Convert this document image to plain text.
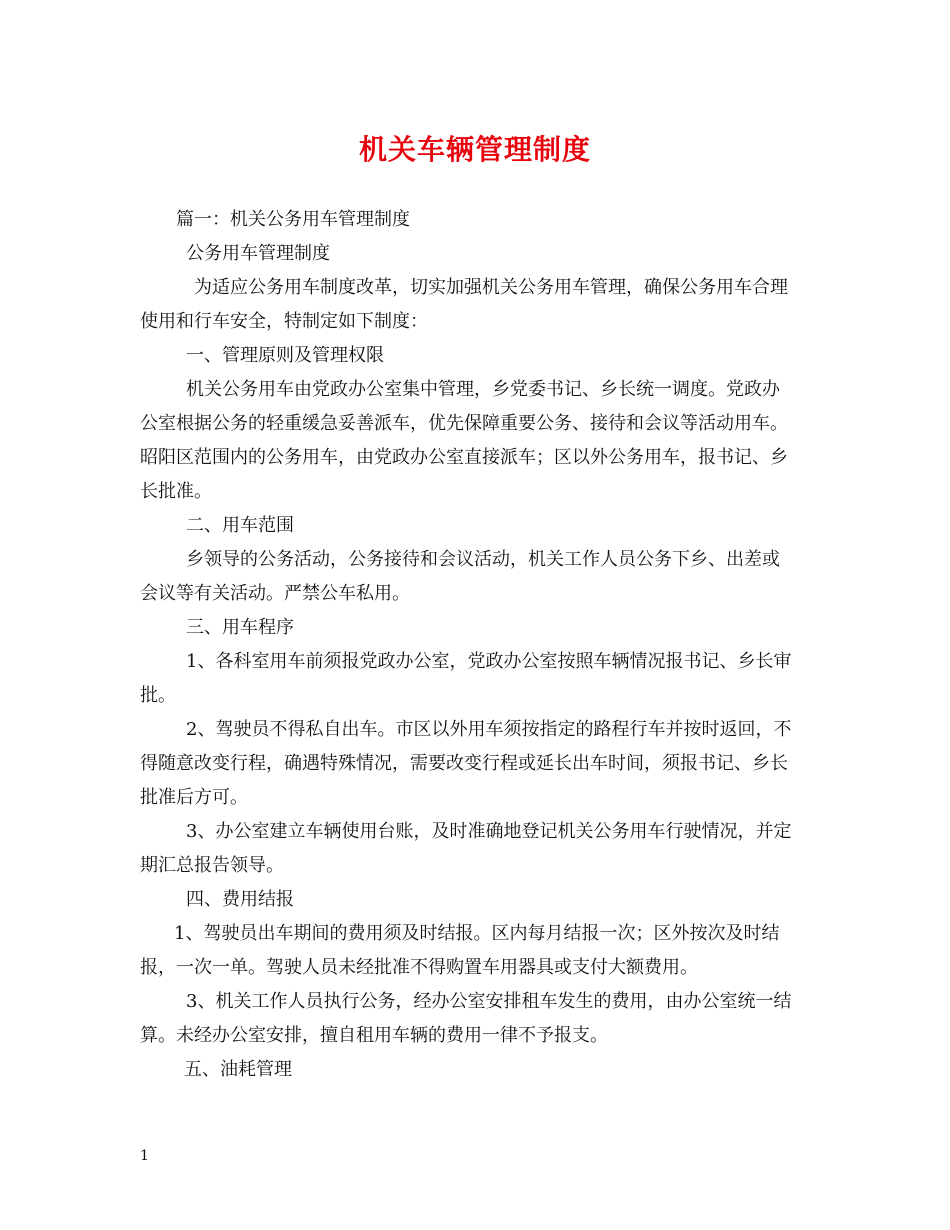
机关车辆管理制度
篇一：机关公务用车管理制度
公务用车管理制度
为适应公务用车制度改革，切实加强机关公务用车管理，确保公务用车合理
使用和行车安全，特制定如下制度：
一、管理原则及管理权限
机关公务用车由党政办公室集中管理，乡党委书记、乡长统一调度。党政办
公室根据公务的轻重缓急妥善派车，优先保障重要公务、接待和会议等活动用车。
昭阳区范围内的公务用车，由党政办公室直接派车；区以外公务用车，报书记、乡
长批准。
二、用车范围
乡领导的公务活动，公务接待和会议活动，机关工作人员公务下乡、出差或
会议等有关活动。严禁公车私用。
三、用车程序
1、各科室用车前须报党政办公室，党政办公室按照车辆情况报书记、乡长审
批。
2、驾驶员不得私自出车。市区以外用车须按指定的路程行车并按时返回，不
得随意改变行程，确遇特殊情况，需要改变行程或延长出车时间，须报书记、乡长
批准后方可。
3、办公室建立车辆使用台账，及时准确地登记机关公务用车行驶情况，并定
期汇总报告领导。
四、费用结报
1、驾驶员出车期间的费用须及时结报。区内每月结报一次；区外按次及时结
报，一次一单。驾驶人员未经批准不得购置车用器具或支付大额费用。
3、机关工作人员执行公务，经办公室安排租车发生的费用，由办公室统一结
算。未经办公室安排，擅自租用车辆的费用一律不予报支。
五、油耗管理
1
